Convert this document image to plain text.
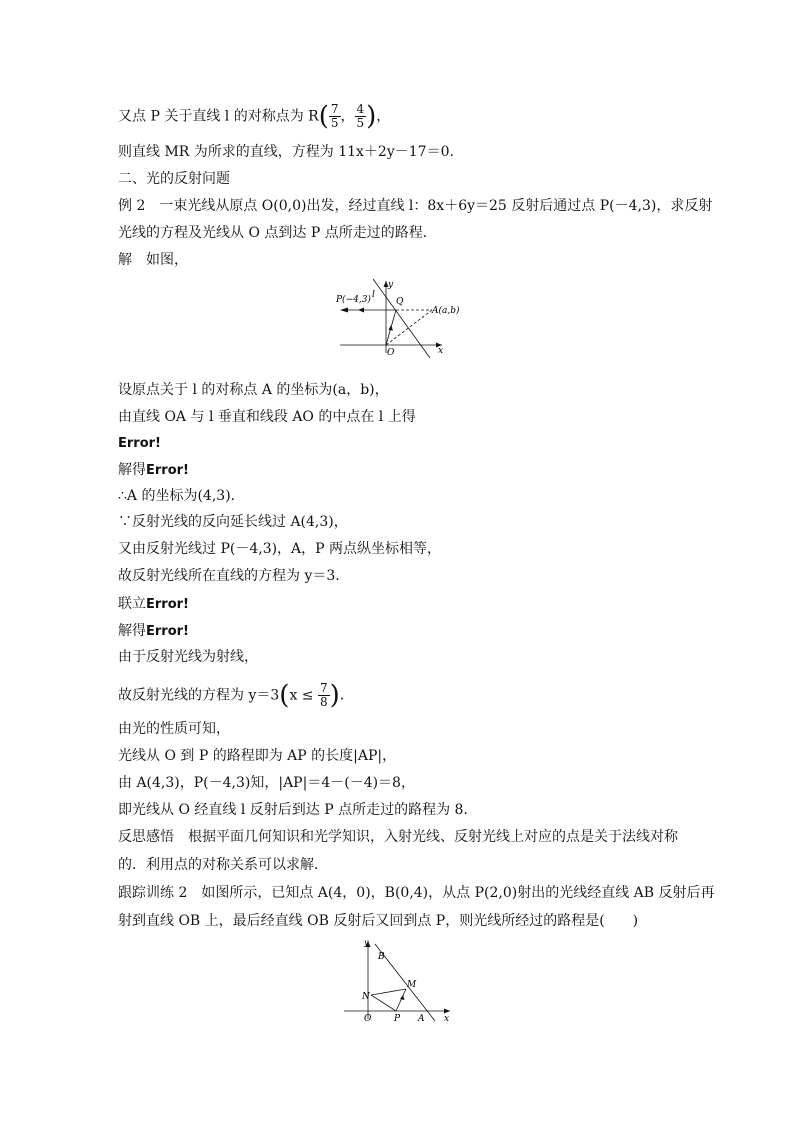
又点 P 关于直线 l 的对称点为 $R( \frac{7}{5}$ ， $\frac{4}{5}$ )，
则直线 MR 为所求的直线，方程为 11x＋2y－17＝0.
二、光的反射问题
例 2　一束光线从原点 O(0,0)出发，经过直线 l：8x＋6y＝25 反射后通过点 P(－4,3)，求反射
光线的方程及光线从 O 点到达 P 点所走过的路程．
解　如图，
P(−4,3) l
y
Q
A(a,b)
O	x
设原点关于 l 的对称点 A 的坐标为(a，b)，
由直线 OA 与 l 垂直和线段 AO 的中点在 l 上得
Error!
解得Error!
∴A 的坐标为(4,3)．
∵反射光线的反向延长线过 A(4,3)，
又由反射光线过 P(－4,3)，A，P 两点纵坐标相等，
故反射光线所在直线的方程为 y＝3.
联立Error!
解得Error!
由于反射光线为射线，
故反射光线的方程为 $y=3(x \le \frac{7}{8}$ ).
由光的性质可知，
光线从 O 到 P 的路程即为 AP 的长度|AP|，
由 A(4,3)，P(－4,3)知，|AP|＝4－(－4)＝8，
即光线从 O 经直线 l 反射后到达 P 点所走过的路程为 8.
反思感悟　根据平面几何知识和光学知识，入射光线、反射光线上对应的点是关于法线对称
的．利用点的对称关系可以求解．
跟踪训练 2　如图所示，已知点 A(4，0)，B(0,4)，从点 P(2,0)射出的光线经直线 AB 反射后再
射到直线 OB 上，最后经直线 OB 反射后又回到点 P，则光线所经过的路程是(　　)
B
y
M
N
O	P A x
